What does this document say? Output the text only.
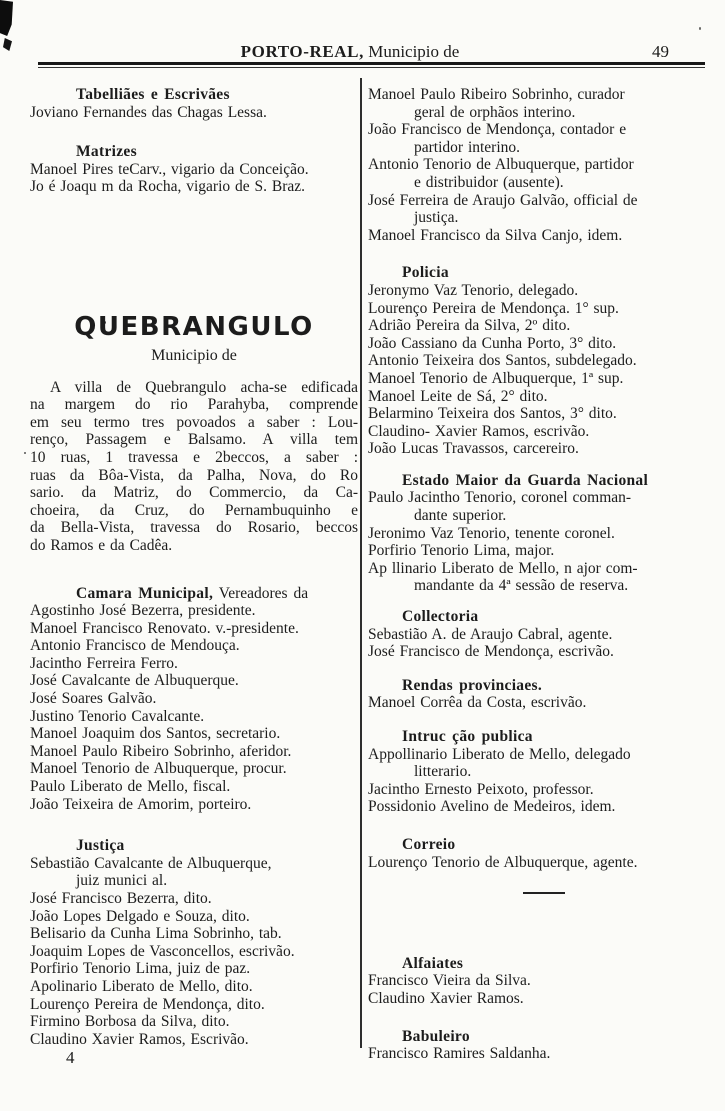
PORTO-REAL, Municipio de	49
Tabelliães e Escrivães
Joviano Fernandes das Chagas Lessa.
Matrizes
Manoel Pires teCarv., vigario da Conceição.
Jo é Joaqu m da Rocha, vigario de S. Braz.
QUEBRANGULO
Municipio de
A villa de Quebrangulo acha-se edificada
na margem do rio Parahyba, comprende
em seu termo tres povoados a saber : Lou-
renço, Passagem e Balsamo. A villa tem
10 ruas, 1 travessa e 2beccos, a saber :
ruas da Bôa-Vista, da Palha, Nova, do Ro
sario. da Matriz, do Commercio, da Ca-
choeira, da Cruz, do Pernambuquinho e
da Bella-Vista, travessa do Rosario, beccos
do Ramos e da Cadêa.
Camara Municipal, Vereadores da
Agostinho José Bezerra, presidente.
Manoel Francisco Renovato. v.-presidente.
Antonio Francisco de Mendouça.
Jacintho Ferreira Ferro.
José Cavalcante de Albuquerque.
José Soares Galvão.
Justino Tenorio Cavalcante.
Manoel Joaquim dos Santos, secretario.
Manoel Paulo Ribeiro Sobrinho, aferidor.
Manoel Tenorio de Albuquerque, procur.
Paulo Liberato de Mello, fiscal.
João Teixeira de Amorim, porteiro.
Justiça
Sebastião Cavalcante de Albuquerque,
juiz munici al.
José Francisco Bezerra, dito.
João Lopes Delgado e Souza, dito.
Belisario da Cunha Lima Sobrinho, tab.
Joaquim Lopes de Vasconcellos, escrivão.
Porfirio Tenorio Lima, juiz de paz.
Apolinario Liberato de Mello, dito.
Lourenço Pereira de Mendonça, dito.
Firmino Borbosa da Silva, dito.
Claudino Xavier Ramos, Escrivão.
Manoel Paulo Ribeiro Sobrinho, curador
geral de orphãos interino.
João Francisco de Mendonça, contador e
partidor interino.
Antonio Tenorio de Albuquerque, partidor
e distribuidor (ausente).
José Ferreira de Araujo Galvão, official de
justiça.
Manoel Francisco da Silva Canjo, idem.
Policia
Jeronymo Vaz Tenorio, delegado.
Lourenço Pereira de Mendonça. 1° sup.
Adrião Pereira da Silva, 2º dito.
João Cassiano da Cunha Porto, 3° dito.
Antonio Teixeira dos Santos, subdelegado.
Manoel Tenorio de Albuquerque, 1ª sup.
Manoel Leite de Sá, 2° dito.
Belarmino Teixeira dos Santos, 3° dito.
Claudino- Xavier Ramos, escrivão.
João Lucas Travassos, carcereiro.
Estado Maior da Guarda Nacional
Paulo Jacintho Tenorio, coronel comman-
dante superior.
Jeronimo Vaz Tenorio, tenente coronel.
Porfirio Tenorio Lima, major.
Ap llinario Liberato de Mello, n ajor com-
mandante da 4ª sessão de reserva.
Collectoria
Sebastião A. de Araujo Cabral, agente.
José Francisco de Mendonça, escrivão.
Rendas provinciaes.
Manoel Corrêa da Costa, escrivão.
Intruc ção publica
Appollinario Liberato de Mello, delegado
litterario.
Jacintho Ernesto Peixoto, professor.
Possidonio Avelino de Medeiros, idem.
Correio
Lourenço Tenorio de Albuquerque, agente.
Alfaiates
Francisco Vieira da Silva.
Claudino Xavier Ramos.
Babuleiro
Francisco Ramires Saldanha.
4
